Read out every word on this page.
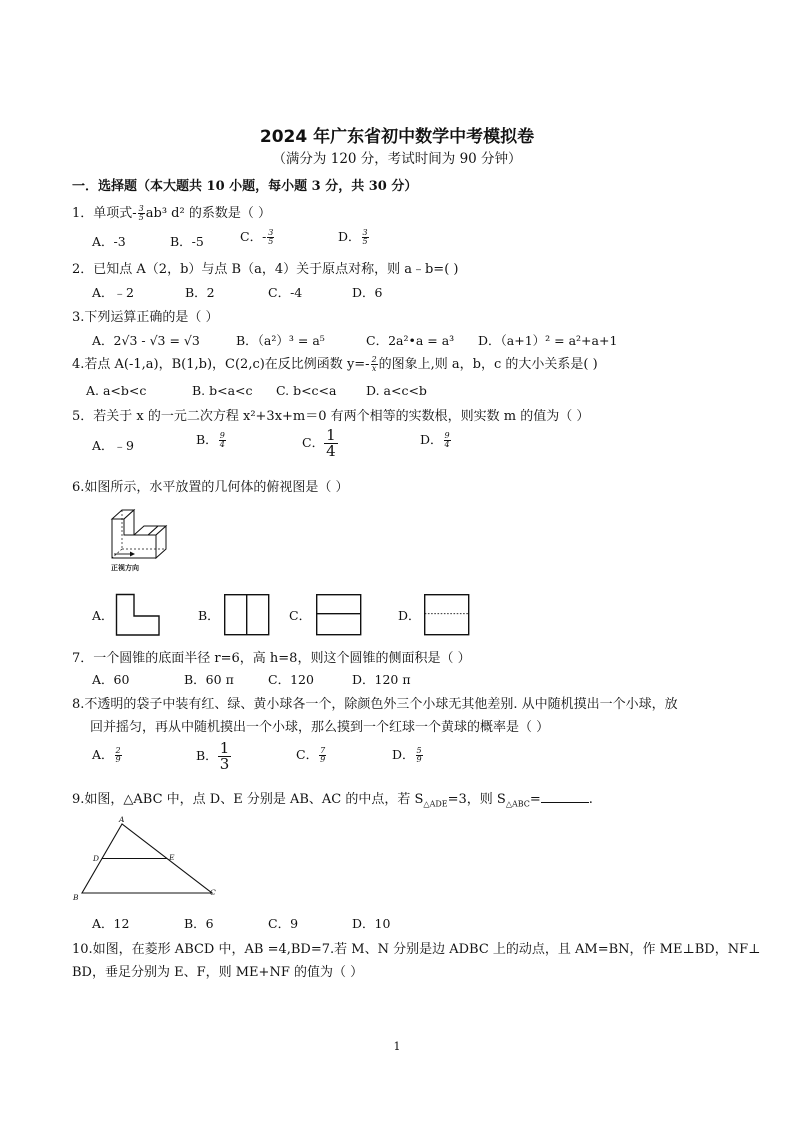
2024 年广东省初中数学中考模拟卷
（满分为 120 分，考试时间为 90 分钟）
一．选择题（本大题共 10 小题，每小题 3 分，共 30 分）
1．单项式- $\frac{3}{5} ab^3$ d² 的系数是（ ）
A．-3	B．-5	C．- $\frac{3}{5}$	D． $\frac{3}{5}$
2．已知点 A（2，b）与点 B（a，4）关于原点对称，则 a﹣b=( )
A．﹣2	B．2	C．-4	D．6
3.下列运算正确的是（ ）
A．2√3 - √3 = √3	B．（a²）³ = a⁵	C．2a²•a = a³ D．（a+1）² = a²+a+1
4.若点 A(-1,a)，B(1,b)，C(2,c)在反比例函数 $y=- \frac{2}{x}$ 的图象上,则 a，b，c 的大小关系是( )
A. a<b<c	B. b<a<c C. b<c<a D. a<c<b
5．若关于 x 的一元二次方程 x²+3x+m＝0 有两个相等的实数根，则实数 m 的值为（ ）
A．﹣9	B． $\frac{9}{4}$	C． $\frac{1}{4}$	D． $\frac{9}{4}$
6.如图所示，水平放置的几何体的俯视图是（ ）
正视方向
A．	B．	C．	D．
7．一个圆锥的底面半径 r=6，高 h=8，则这个圆锥的侧面积是（ ）
A．60	B．60 π	C．120	D．120 π
8.不透明的袋子中装有红、绿、黄小球各一个，除颜色外三个小球无其他差别. 从中随机摸出一个小球，放
回并摇匀，再从中随机摸出一个小球，那么摸到一个红球一个黄球的概率是（ ）
A． $\frac{2}{9}$	B． $\frac{1}{3}$	C． $\frac{7}{9}$	D． $\frac{5}{9}$
9.如图，△ABC 中，点 D、E 分别是 AB、AC 的中点，若 $S_{\triangle ADE}=3$，则 $S_{\triangle ABC}=$	.
A
D	E
B
C
A．12	B．6	C．9	D．10
10.如图，在菱形 ABCD 中，AB =4,BD=7.若 M、N 分别是边 ADBC 上的动点，且 AM=BN，作 ME⊥BD，NF⊥
BD，垂足分别为 E、F，则 ME+NF 的值为（ ）
1
